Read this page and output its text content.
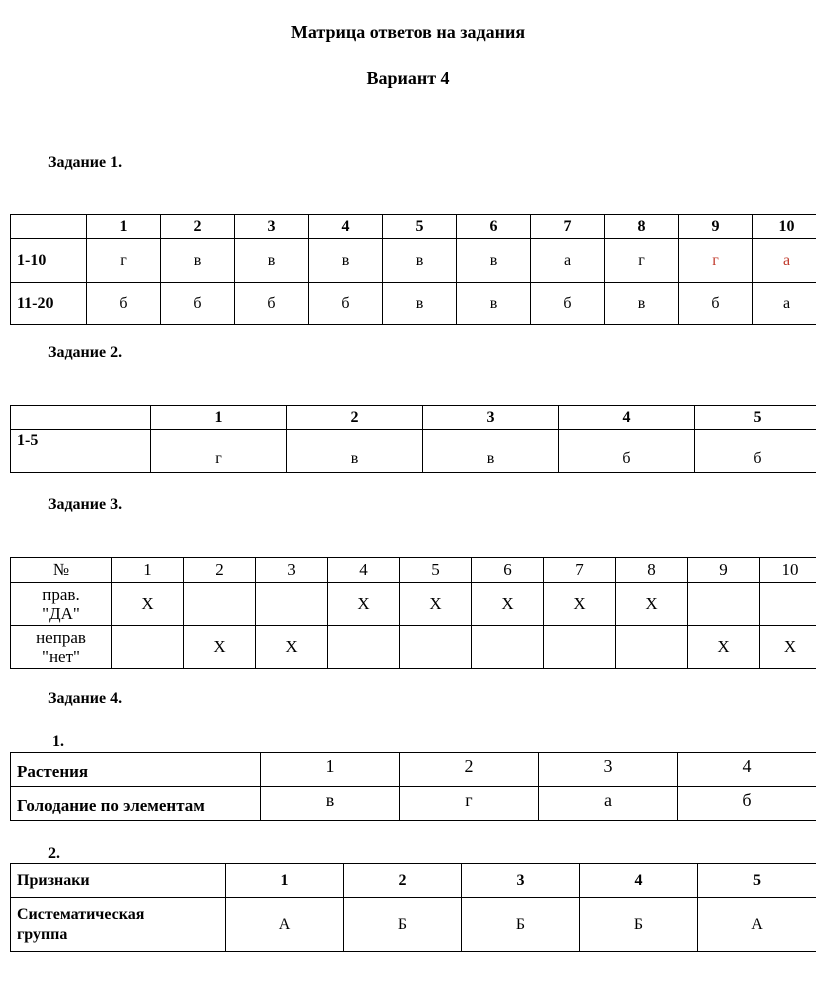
Матрица ответов на задания
Вариант 4
Задание 1.
	1	2	3	4	5	6	7	8	9	10
1-10	г	в	в	в	в	в	а	г	г	а
11-20	б	б	б	б	в	в	б	в	б	а
Задание 2.
	1	2	3	4	5
1-5	г	в	в	б	б
Задание 3.
№	1	2	3	4	5	6	7	8	9	10

прав.
"ДА"	Х			Х	Х	Х	Х	Х		

неправ
"нет"		Х	Х						Х	Х
Задание 4.
1.
Растения	1	2	3	4
Голодание по элементам	в	г	а	б
2.
Признаки	1	2	3	4	5

Систематическая
группа	А	Б	Б	Б	А
